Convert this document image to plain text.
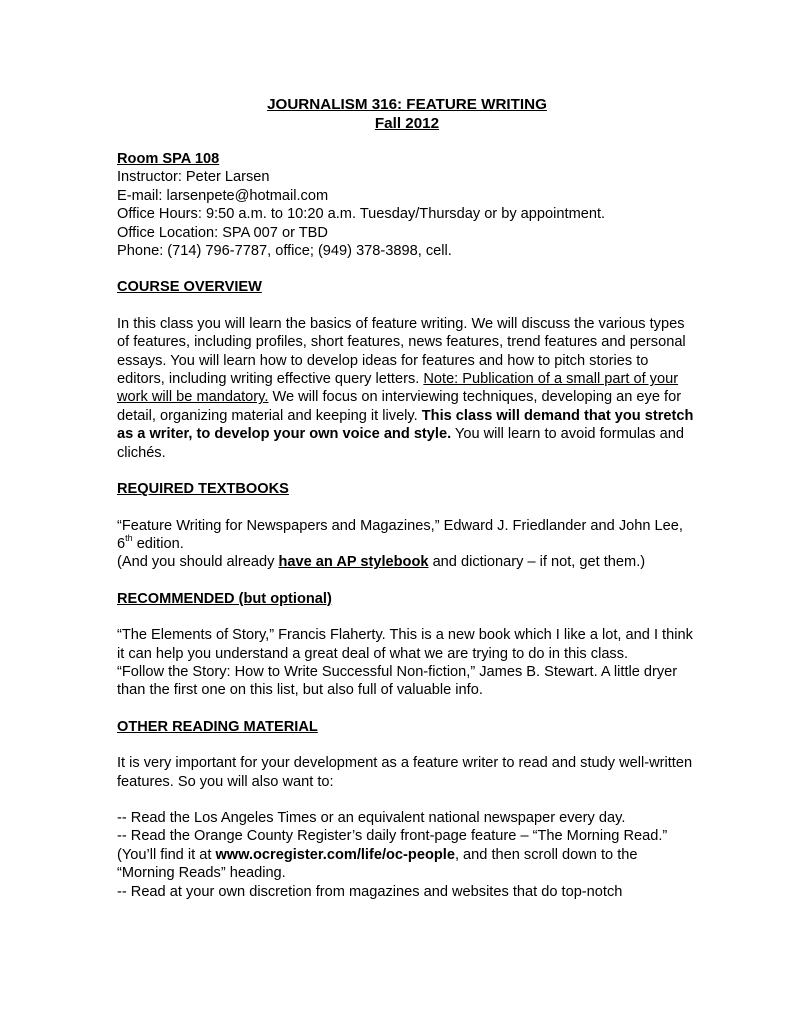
JOURNALISM 316: FEATURE WRITING

Fall 2012

Room SPA 108

Instructor: Peter Larsen

E-mail: larsenpete@hotmail.com

Office Hours: 9:50 a.m. to 10:20 a.m. Tuesday/Thursday or by appointment.

Office Location: SPA 007 or TBD

Phone: (714) 796-7787, office; (949) 378-3898, cell.

COURSE OVERVIEW

In this class you will learn the basics of feature writing. We will discuss the various types of features, including profiles, short features, news features, trend features and personal essays. You will learn how to develop ideas for features and how to pitch stories to editors, including writing effective query letters. Note: Publication of a small part of your work will be mandatory. We will focus on interviewing techniques, developing an eye for detail, organizing material and keeping it lively. This class will demand that you stretch as a writer, to develop your own voice and style. You will learn to avoid formulas and clichés.

REQUIRED TEXTBOOKS

“Feature Writing for Newspapers and Magazines,” Edward J. Friedlander and John Lee, 6th edition.

(And you should already have an AP stylebook and dictionary – if not, get them.)

RECOMMENDED (but optional)

“The Elements of Story,” Francis Flaherty. This is a new book which I like a lot, and I think it can help you understand a great deal of what we are trying to do in this class.

“Follow the Story: How to Write Successful Non-fiction,” James B. Stewart. A little dryer than the first one on this list, but also full of valuable info.

OTHER READING MATERIAL

It is very important for your development as a feature writer to read and study well-written features. So you will also want to:

-- Read the Los Angeles Times or an equivalent national newspaper every day.

-- Read the Orange County Register’s daily front-page feature – “The Morning Read.” (You’ll find it at www.ocregister.com/life/oc-people, and then scroll down to the “Morning Reads” heading.

-- Read at your own discretion from magazines and websites that do top-notch
